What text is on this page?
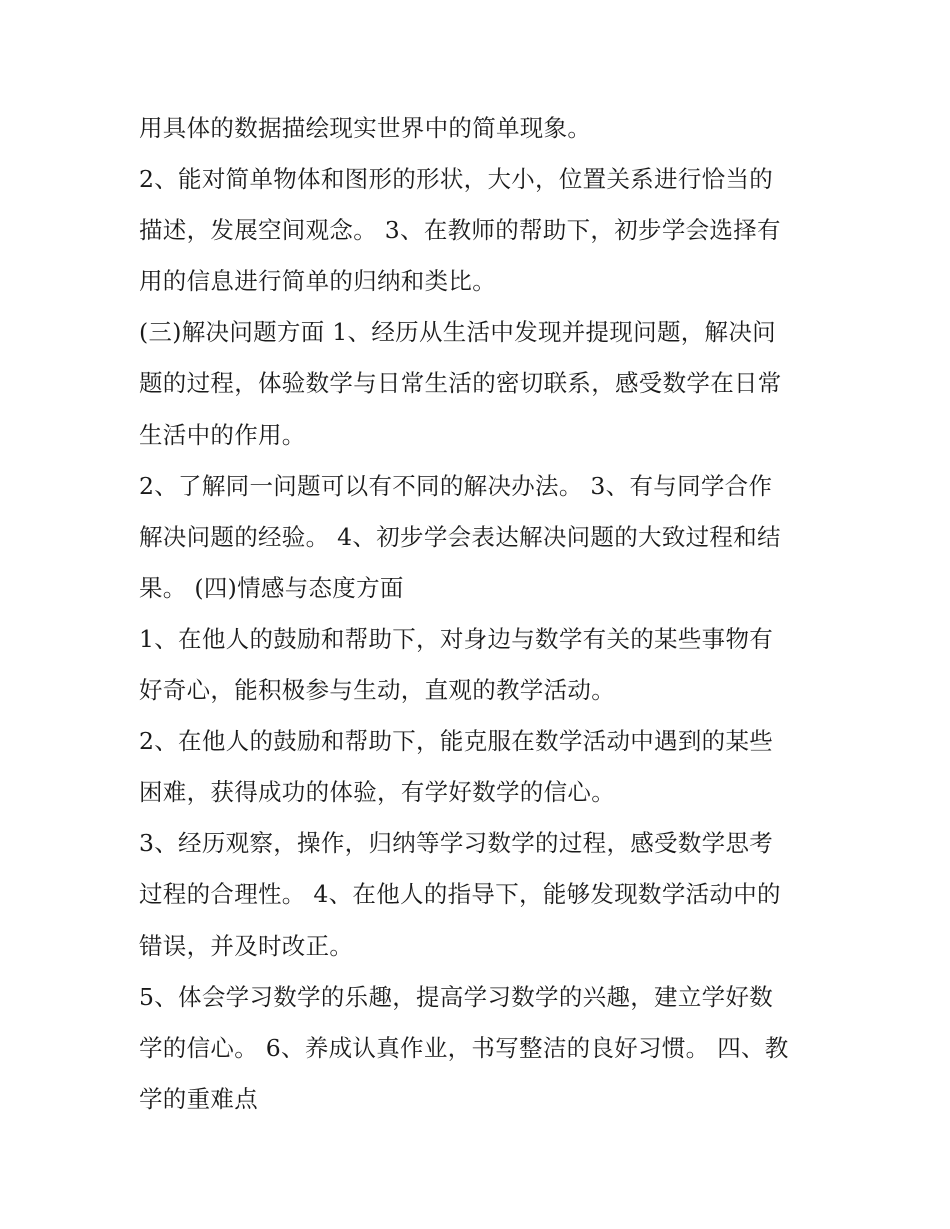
用具体的数据描绘现实世界中的简单现象。
2、能对简单物体和图形的形状，大小，位置关系进行恰当的
描述，发展空间观念。 3、在教师的帮助下，初步学会选择有
用的信息进行简单的归纳和类比。
(三)解决问题方面 1、经历从生活中发现并提现问题，解决问
题的过程，体验数学与日常生活的密切联系，感受数学在日常
生活中的作用。
2、了解同一问题可以有不同的解决办法。 3、有与同学合作
解决问题的经验。 4、初步学会表达解决问题的大致过程和结
果。 (四)情感与态度方面
1、在他人的鼓励和帮助下，对身边与数学有关的某些事物有
好奇心，能积极参与生动，直观的教学活动。
2、在他人的鼓励和帮助下，能克服在数学活动中遇到的某些
困难，获得成功的体验，有学好数学的信心。
3、经历观察，操作，归纳等学习数学的过程，感受数学思考
过程的合理性。 4、在他人的指导下，能够发现数学活动中的
错误，并及时改正。
5、体会学习数学的乐趣，提高学习数学的兴趣，建立学好数
学的信心。 6、养成认真作业，书写整洁的良好习惯。 四、教
学的重难点
